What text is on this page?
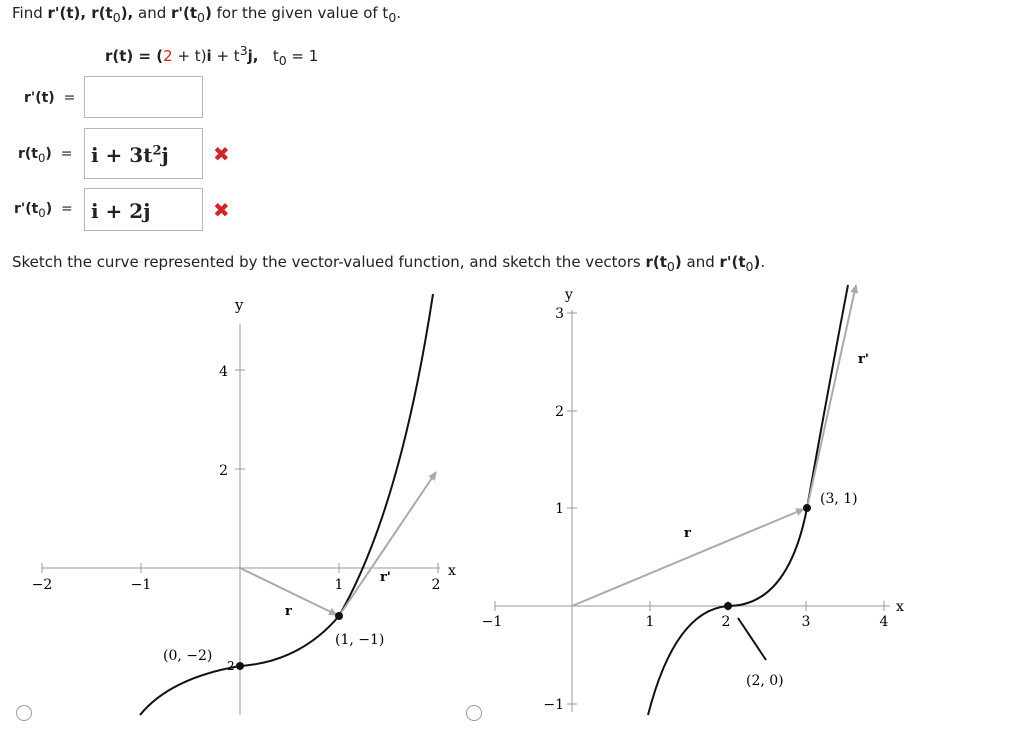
Find r'(t), $r(t_0)$, and $r'(t_0)$ for the given value of $t_0$.
$r(t) = (2 + t)i + t^3j$, $t_0 = 1$
r'(t) =
$r(t_0) = i + 3t^2j$ ✖
$r'(t_0) = i + 2j$	✖
Sketch the curve represented by the vector-valued function, and sketch the vectors $r(t_0)$ and $r'(t_0)$.
y
x
4
2
−2	−1	1	2
r
r'
(1, −1)
(0, −2)
2
y
x
3
2
1
−1
−1	1	2	3	4
r
r'
(3, 1)
(2, 0)
